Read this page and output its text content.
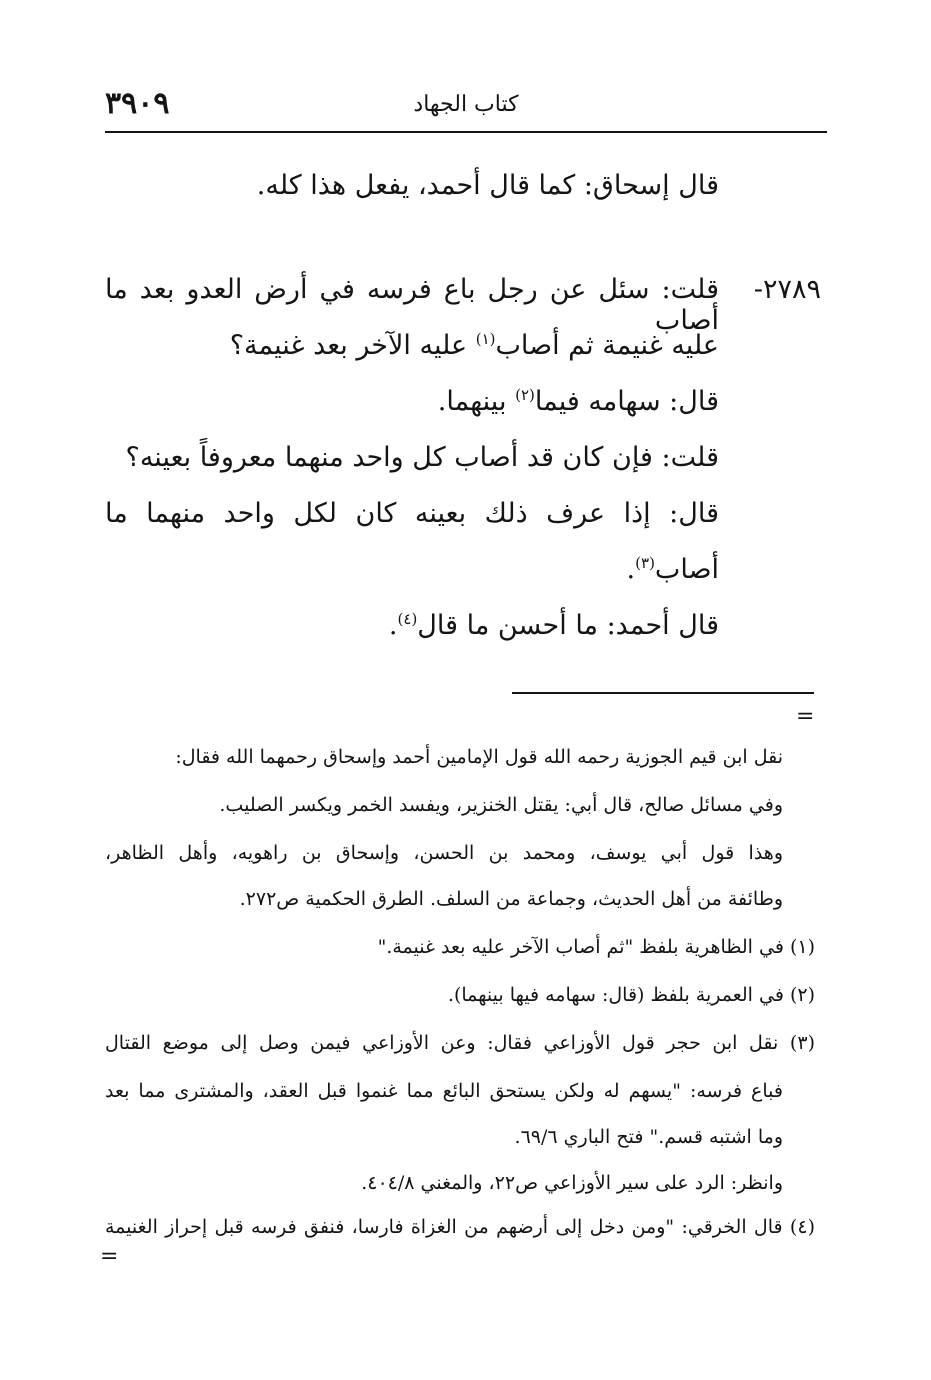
٣٩٠٩	كتاب الجهاد
قال إسحاق: كما قال أحمد، يفعل هذا كله.
٢٧٨٩-
قلت: سئل عن رجل باع فرسه في أرض العدو بعد ما أصاب
عليه غنيمة ثم أصاب$^{(١)}$ عليه الآخر بعد غنيمة؟
قال: سهامه فيما$^{(٢)}$ بينهما.
قلت: فإن كان قد أصاب كل واحد منهما معروفاً بعينه؟
قال: إذا عرف ذلك بعينه كان لكل واحد منهما ما
أصاب$^{(٣)}$.
قال أحمد: ما أحسن ما قال$^{(٤)}$.
=
نقل ابن قيم الجوزية رحمه الله قول الإمامين أحمد وإسحاق رحمهما الله فقال:
وفي مسائل صالح، قال أبي: يقتل الخنزير، ويفسد الخمر ويكسر الصليب.
وهذا قول أبي يوسف، ومحمد بن الحسن، وإسحاق بن راهويه، وأهل الظاهر،
وطائفة من أهل الحديث، وجماعة من السلف. الطرق الحكمية ص٢٧٢.
(١) في الظاهرية بلفظ "ثم أصاب الآخر عليه بعد غنيمة."
(٢) في العمرية بلفظ (قال: سهامه فيها بينهما).
(٣) نقل ابن حجر قول الأوزاعي فقال: وعن الأوزاعي فيمن وصل إلى موضع القتال
فباع فرسه: "يسهم له ولكن يستحق البائع مما غنموا قبل العقد، والمشترى مما بعد
وما اشتبه قسم." فتح الباري ٦٩/٦.
وانظر: الرد على سير الأوزاعي ص٢٢، والمغني ٤٠٤/٨.
(٤) قال الخرقي: "ومن دخل إلى أرضهم من الغزاة فارسا، فنفق فرسه قبل إحراز الغنيمة
=
